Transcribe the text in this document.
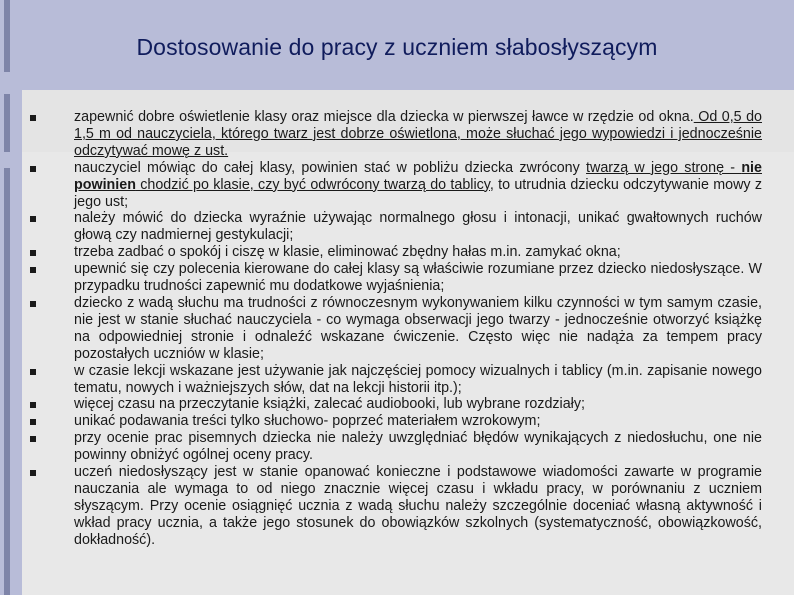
Dostosowanie do pracy z uczniem słabosłyszącym
zapewnić dobre oświetlenie klasy oraz miejsce dla dziecka w pierwszej ławce w rzędzie od okna. Od 0,5 do 1,5 m od nauczyciela, którego twarz jest dobrze oświetlona, może słuchać jego wypowiedzi i jednocześnie odczytywać mowę z ust.
nauczyciel mówiąc do całej klasy, powinien stać w pobliżu dziecka zwrócony twarzą w jego stronę - nie powinien chodzić po klasie, czy być odwrócony twarzą do tablicy, to utrudnia dziecku odczytywanie mowy z jego ust;
należy mówić do dziecka wyraźnie używając normalnego głosu i intonacji, unikać gwałtownych ruchów głową czy nadmiernej gestykulacji;
trzeba zadbać o spokój i ciszę w klasie, eliminować zbędny hałas m.in. zamykać okna;
upewnić się czy polecenia kierowane do całej klasy są właściwie rozumiane przez dziecko niedosłyszące. W przypadku trudności zapewnić mu dodatkowe wyjaśnienia;
dziecko z wadą słuchu ma trudności z równoczesnym wykonywaniem kilku czynności w tym samym czasie, nie jest w stanie słuchać nauczyciela - co wymaga obserwacji jego twarzy - jednocześnie otworzyć książkę na odpowiedniej stronie i odnaleźć wskazane ćwiczenie. Często więc nie nadąża za tempem pracy pozostałych uczniów w klasie;
w czasie lekcji wskazane jest używanie jak najczęściej pomocy wizualnych i tablicy (m.in. zapisanie nowego tematu, nowych i ważniejszych słów, dat na lekcji historii itp.);
więcej czasu na przeczytanie książki, zalecać audiobooki, lub wybrane rozdziały;
unikać podawania treści tylko słuchowo- poprzeć materiałem wzrokowym;
przy ocenie prac pisemnych dziecka nie należy uwzględniać błędów wynikających z niedosłuchu, one nie powinny obniżyć ogólnej oceny pracy.
uczeń niedosłyszący jest w stanie opanować konieczne i podstawowe wiadomości zawarte w programie nauczania ale wymaga to od niego znacznie więcej czasu i wkładu pracy, w porównaniu z uczniem słyszącym. Przy ocenie osiągnięć ucznia z wadą słuchu należy szczególnie doceniać własną aktywność i wkład pracy ucznia, a także jego stosunek do obowiązków szkolnych (systematyczność, obowiązkowość, dokładność).
